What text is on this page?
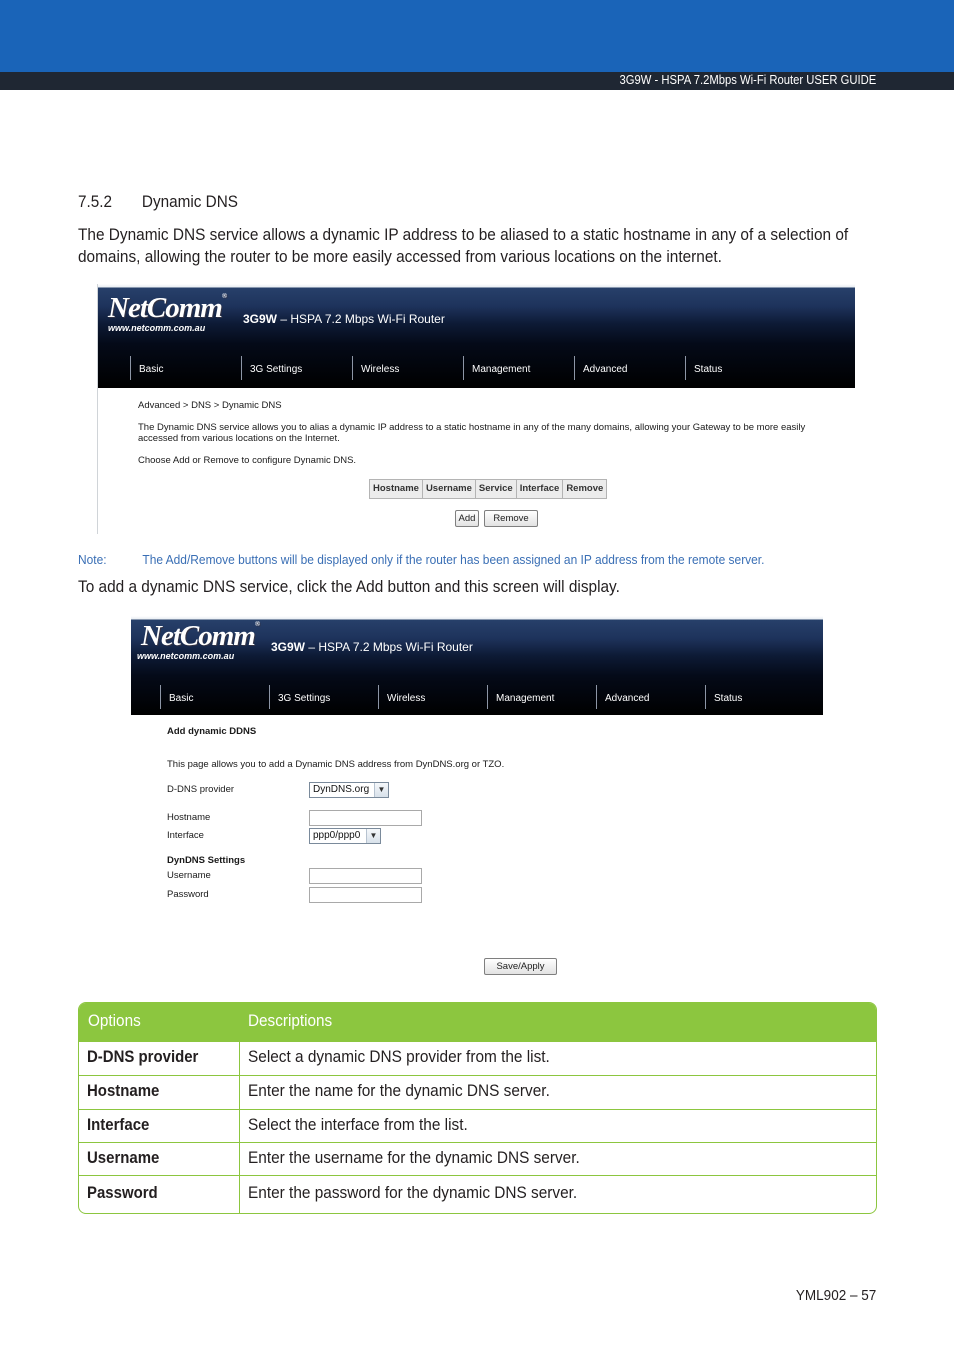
3G9W - HSPA 7.2Mbps Wi-Fi Router USER GUIDE
7.5.2 Dynamic DNS

The Dynamic DNS service allows a dynamic IP address to be aliased to a static hostname in any of a selection of domains, allowing the router to be more easily accessed from various locations on the internet.

NetComm®
www.netcomm.com.au
3G9W – HSPA 7.2 Mbps Wi-Fi Router
Basic	3G Settings	Wireless	Management	Advanced	Status
Advanced > DNS > Dynamic DNS
The Dynamic DNS service allows you to alias a dynamic IP address to a static hostname in any of the many domains, allowing your Gateway to be more easily
accessed from various locations on the Internet.
Choose Add or Remove to configure Dynamic DNS.
Hostname Username Service Interface Remove
Add	Remove
Note:	The Add/Remove buttons will be displayed only if the router has been assigned an IP address from the remote server.
To add a dynamic DNS service, click the Add button and this screen will display.
NetComm®
www.netcomm.com.au
3G9W – HSPA 7.2 Mbps Wi-Fi Router
Basic	3G Settings	Wireless	Management	Advanced	Status
Add dynamic DDNS
This page allows you to add a Dynamic DNS address from DynDNS.org or TZO.
D-DNS provider	DynDNS.org	▼
Hostname
Interface	ppp0/ppp0	▼
DynDNS Settings
Username
Password
Save/Apply
Options	Descriptions
D-DNS provider	Select a dynamic DNS provider from the list.
Hostname	Enter the name for the dynamic DNS server.
Interface	Select the interface from the list.
Username	Enter the username for the dynamic DNS server.
Password	Enter the password for the dynamic DNS server.
YML902 – 57
